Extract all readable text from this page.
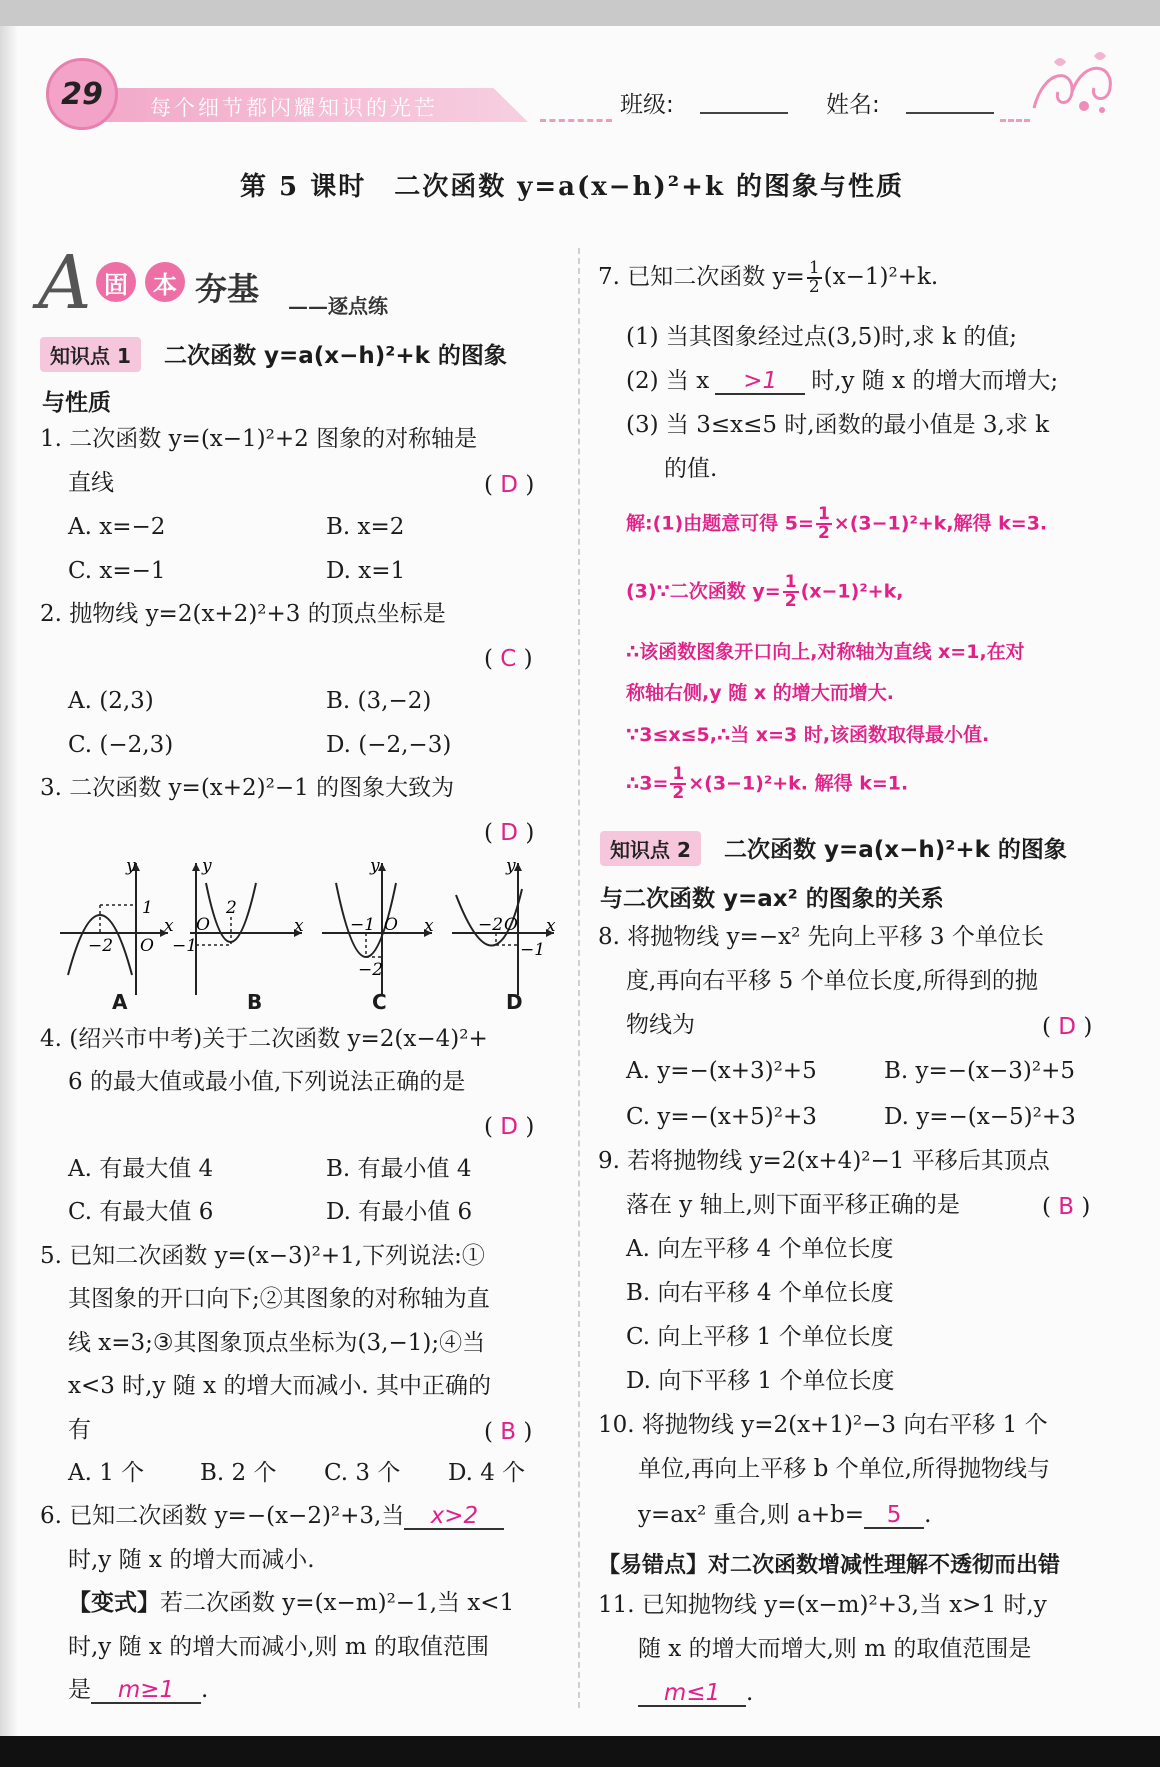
29	每个细节都闪耀知识的光芒	班级:	姓名:
第 5 课时　二次函数 y=a(x−h)²+k 的图象与性质
A 固	本 夯基 ——逐点练
知识点 1 二次函数 y=a(x−h)²+k 的图象
与性质
1. 二次函数 y=(x−1)²+2 图象的对称轴是
直线	( D )
A. x=−2	B. x=2
C. x=−1	D. x=1
2. 抛物线 y=2(x+2)²+3 的顶点坐标是
( C )
A. (2,3)	B. (3,−2)
C. (−2,3)	D. (−2,−3)
3. 二次函数 y=(x+2)²−1 的图象大致为
( D )
y
x
1
O
−2
y
x
2
O
−1
y
x
O
−1
−2
y
x
O
−2
−1
A	B	C	D
4. (绍兴市中考)关于二次函数 y=2(x−4)²+
6 的最大值或最小值,下列说法正确的是
( D )
A. 有最大值 4	B. 有最小值 4
C. 有最大值 6	D. 有最小值 6
5. 已知二次函数 y=(x−3)²+1,下列说法:①
其图象的开口向下;②其图象的对称轴为直
线 x=3;③其图象顶点坐标为(3,−1);④当
x<3 时,y 随 x 的增大而减小. 其中正确的
有	( B )
A. 1 个 B. 2 个 C. 3 个 D. 4 个
6. 已知二次函数 y=−(x−2)²+3,当 x>2
时,y 随 x 的增大而减小.
【变式】若二次函数 y=(x−m)²−1,当 x<1
时,y 随 x 的增大而减小,则 m 的取值范围
是 m≥1 .
7. 已知二次函数 $y= \frac{1}{2} (x-1)^2+k$.
(1) 当其图象经过点(3,5)时,求 k 的值;
(2) 当 x >1 时,y 随 x 的增大而增大;
(3) 当 3≤x≤5 时,函数的最小值是 3,求 k
的值.
解:(1)由题意可得 $5= \frac{1}{2} \times(3-1)^2+k$,解得 k=3.
(3)∵二次函数 $y= \frac{1}{2} (x-1)^2+k$,
∴该函数图象开口向上,对称轴为直线 x=1,在对
称轴右侧,y 随 x 的增大而增大.
∵3≤x≤5,∴当 x=3 时,该函数取得最小值.
∴3= $\frac{1}{2} \times(3-1)^2+k$. 解得 k=1.
知识点 2 二次函数 y=a(x−h)²+k 的图象
与二次函数 y=ax² 的图象的关系
8. 将抛物线 y=−x² 先向上平移 3 个单位长
度,再向右平移 5 个单位长度,所得到的抛
物线为	( D )
A. y=−(x+3)²+5	B. y=−(x−3)²+5
C. y=−(x+5)²+3	D. y=−(x−5)²+3
9. 若将抛物线 y=2(x+4)²−1 平移后其顶点
落在 y 轴上,则下面平移正确的是	( B )
A. 向左平移 4 个单位长度
B. 向右平移 4 个单位长度
C. 向上平移 1 个单位长度
D. 向下平移 1 个单位长度
10. 将抛物线 y=2(x+1)²−3 向右平移 1 个
单位,再向上平移 b 个单位,所得抛物线与
y=ax² 重合,则 a+b= 5 .
【易错点】对二次函数增减性理解不透彻而出错
11. 已知抛物线 y=(x−m)²+3,当 x>1 时,y
随 x 的增大而增大,则 m 的取值范围是
m≤1 .
